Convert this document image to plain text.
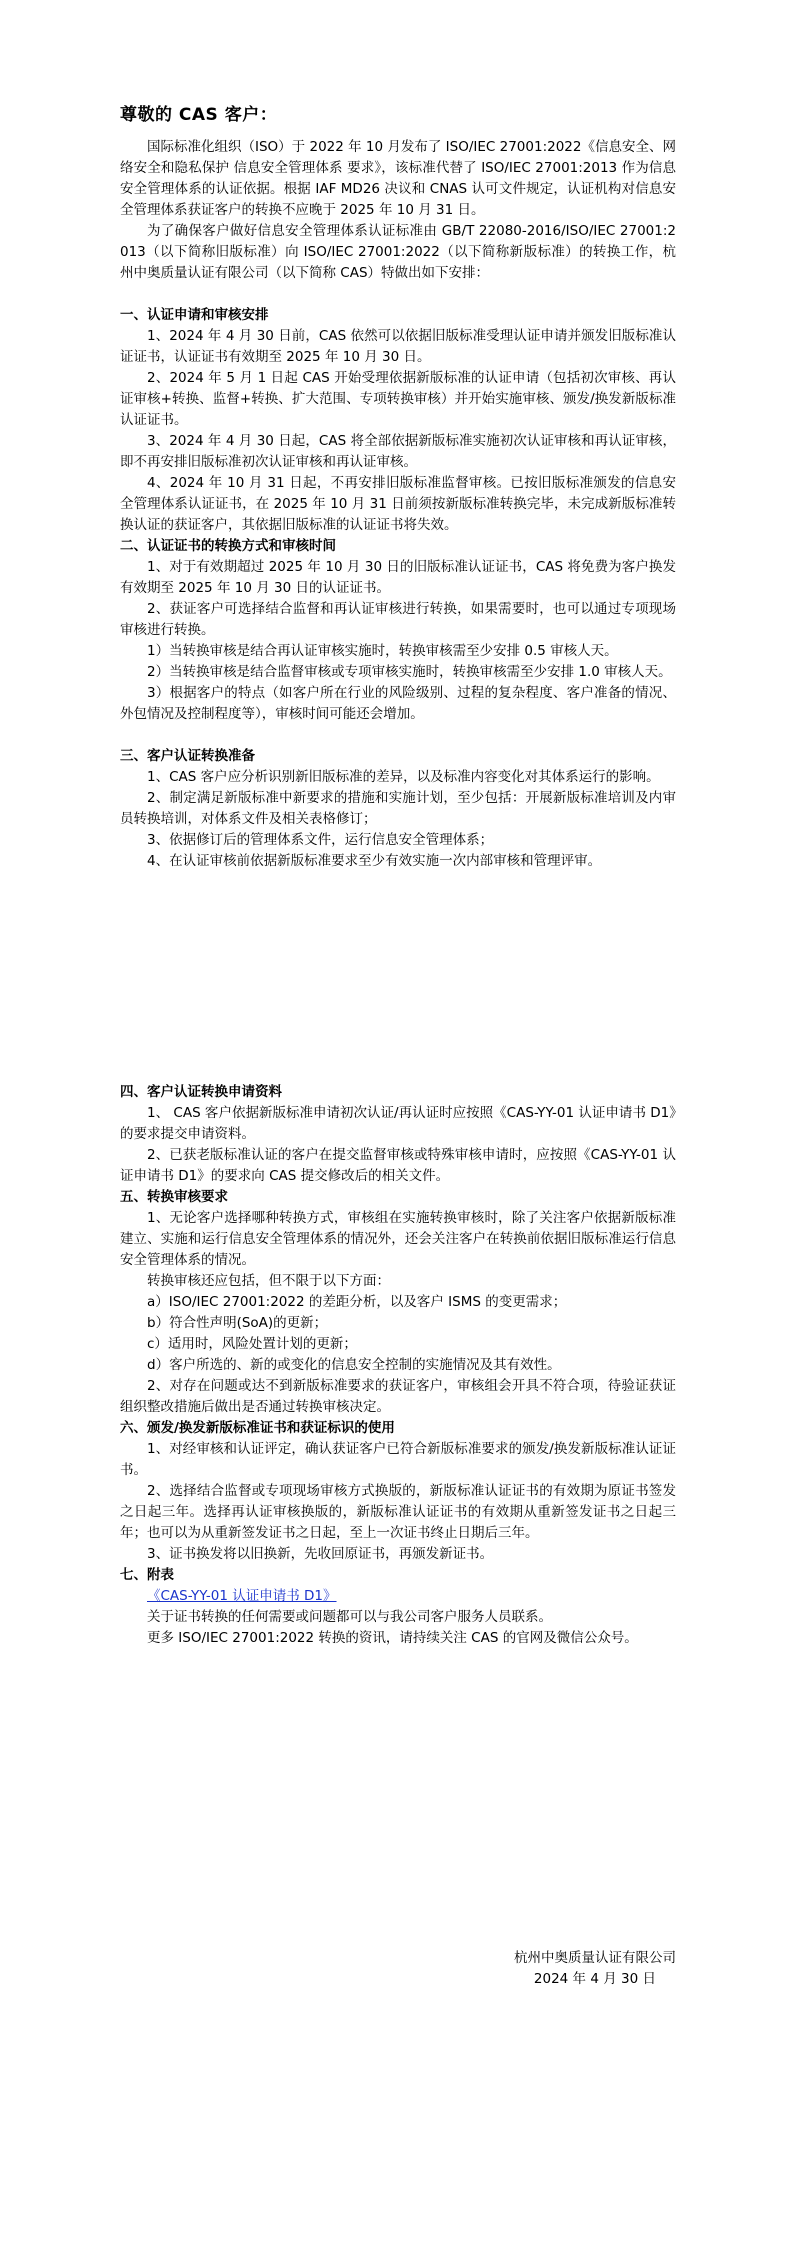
尊敬的 CAS 客户：

国际标准化组织（ISO）于 2022 年 10 月发布了 ISO/IEC 27001:2022《信息安全、网络安全和隐私保护 信息安全管理体系 要求》，该标准代替了 ISO/IEC 27001:2013 作为信息安全管理体系的认证依据。根据 IAF MD26 决议和 CNAS 认可文件规定，认证机构对信息安全管理体系获证客户的转换不应晚于 2025 年 10 月 31 日。

为了确保客户做好信息安全管理体系认证标准由 GB/T 22080-2016/ISO/IEC 27001:2013（以下简称旧版标准）向 ISO/IEC 27001:2022（以下简称新版标准）的转换工作，杭州中奥质量认证有限公司（以下简称 CAS）特做出如下安排：

一、认证申请和审核安排

1、2024 年 4 月 30 日前，CAS 依然可以依据旧版标准受理认证申请并颁发旧版标准认证证书，认证证书有效期至 2025 年 10 月 30 日。

2、2024 年 5 月 1 日起 CAS 开始受理依据新版标准的认证申请（包括初次审核、再认证审核+转换、监督+转换、扩大范围、专项转换审核）并开始实施审核、颁发/换发新版标准认证证书。

3、2024 年 4 月 30 日起，CAS 将全部依据新版标准实施初次认证审核和再认证审核，即不再安排旧版标准初次认证审核和再认证审核。

4、2024 年 10 月 31 日起，不再安排旧版标准监督审核。已按旧版标准颁发的信息安全管理体系认证证书，在 2025 年 10 月 31 日前须按新版标准转换完毕，未完成新版标准转换认证的获证客户，其依据旧版标准的认证证书将失效。

二、认证证书的转换方式和审核时间

1、对于有效期超过 2025 年 10 月 30 日的旧版标准认证证书，CAS 将免费为客户换发有效期至 2025 年 10 月 30 日的认证证书。

2、获证客户可选择结合监督和再认证审核进行转换，如果需要时，也可以通过专项现场审核进行转换。

1）当转换审核是结合再认证审核实施时，转换审核需至少安排 0.5 审核人天。

2）当转换审核是结合监督审核或专项审核实施时，转换审核需至少安排 1.0 审核人天。

3）根据客户的特点（如客户所在行业的风险级别、过程的复杂程度、客户准备的情况、外包情况及控制程度等），审核时间可能还会增加。

三、客户认证转换准备

1、CAS 客户应分析识别新旧版标准的差异，以及标准内容变化对其体系运行的影响。

2、制定满足新版标准中新要求的措施和实施计划，至少包括：开展新版标准培训及内审员转换培训，对体系文件及相关表格修订；

3、依据修订后的管理体系文件，运行信息安全管理体系；

4、在认证审核前依据新版标准要求至少有效实施一次内部审核和管理评审。

四、客户认证转换申请资料

1、 CAS 客户依据新版标准申请初次认证/再认证时应按照《CAS-YY-01 认证申请书 D1》的要求提交申请资料。

2、已获老版标准认证的客户在提交监督审核或特殊审核申请时，应按照《CAS-YY-01 认证申请书 D1》的要求向 CAS 提交修改后的相关文件。

五、转换审核要求

1、无论客户选择哪种转换方式，审核组在实施转换审核时，除了关注客户依据新版标准建立、实施和运行信息安全管理体系的情况外，还会关注客户在转换前依据旧版标准运行信息安全管理体系的情况。

转换审核还应包括，但不限于以下方面：

a）ISO/IEC 27001:2022 的差距分析，以及客户 ISMS 的变更需求；

b）符合性声明(SoA)的更新；

c）适用时，风险处置计划的更新；

d）客户所选的、新的或变化的信息安全控制的实施情况及其有效性。

2、对存在问题或达不到新版标准要求的获证客户，审核组会开具不符合项，待验证获证组织整改措施后做出是否通过转换审核决定。

六、颁发/换发新版标准证书和获证标识的使用

1、对经审核和认证评定，确认获证客户已符合新版标准要求的颁发/换发新版标准认证证书。

2、选择结合监督或专项现场审核方式换版的，新版标准认证证书的有效期为原证书签发之日起三年。选择再认证审核换版的，新版标准认证证书的有效期从重新签发证书之日起三年；也可以为从重新签发证书之日起，至上一次证书终止日期后三年。

3、证书换发将以旧换新，先收回原证书，再颁发新证书。

七、附表

《CAS-YY-01 认证申请书 D1》

关于证书转换的任何需要或问题都可以与我公司客户服务人员联系。

更多 ISO/IEC 27001:2022 转换的资讯，请持续关注 CAS 的官网及微信公众号。

杭州中奥质量认证有限公司

2024 年 4 月 30 日
